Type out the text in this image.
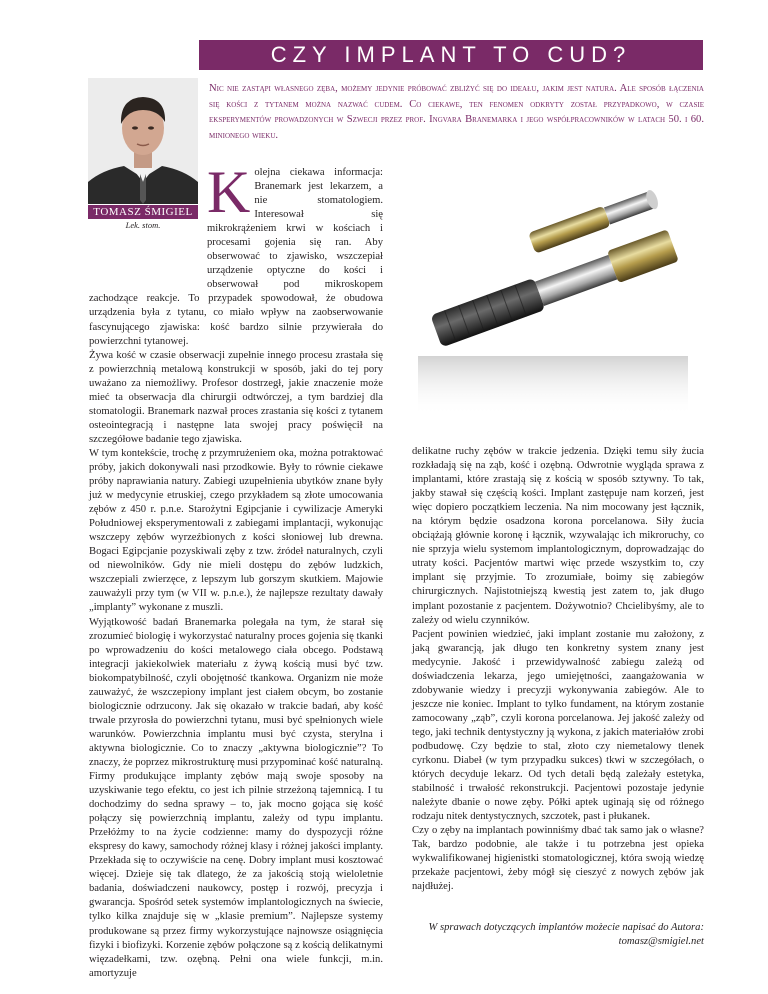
CZY IMPLANT TO CUD?

Nic nie zastąpi własnego zęba, możemy jedynie próbować zbliżyć się do ideału, jakim jest natura. Ale sposób łączenia się kości z tytanem można nazwać cudem. Co ciekawe, ten fenomen odkryty został przypadkowo, w czasie eksperymentów prowadzonych w Szwecji przez prof. Ingvara Branemarka i jego współpracowników w latach 50. i 60. minionego wieku.

TOMASZ ŚMIGIEL

Lek. stom. K olejna ciekawa informacja: Branemark jest lekarzem, a nie stomatologiem. Interesował się mikrokrążeniem krwi w kościach i procesami gojenia się ran. Aby obserwować to zjawisko, wszczepiał urządzenie optyczne do kości i obserwował pod mikroskopem zachodzące reakcje. To przypadek spowodował, że obudowa urządzenia była z tytanu, co miało wpływ na zaobserwowanie fascynującego zjawiska: kość bardzo silnie przywierała do powierzchni tytanowej.

Żywa kość w czasie obserwacji zupełnie innego procesu zrastała się z powierzchnią metalową konstrukcji w sposób, jaki do tej pory uważano za niemożliwy. Profesor dostrzegł, jakie znaczenie może mieć ta obserwacja dla chirurgii odtwórczej, a tym bardziej dla stomatologii. Branemark nazwał proces zrastania się kości z tytanem osteointegracją i następne lata swojej pracy poświęcił na szczegółowe badanie tego zjawiska.

W tym kontekście, trochę z przymrużeniem oka, można potraktować próby, jakich dokonywali nasi przodkowie. Były to równie ciekawe próby naprawiania natury. Zabiegi uzupełnienia ubytków znane były już w medycynie etruskiej, czego przykładem są złote umocowania zębów z 450 r. p.n.e. Starożytni Egipcjanie i cywilizacje Ameryki Południowej eksperymentowali z zabiegami implantacji, wykonując wszczepy zębów wyrzeźbionych z kości słoniowej lub drewna. Bogaci Egipcjanie pozyskiwali zęby z tzw. źródeł naturalnych, czyli od niewolników. Gdy nie mieli dostępu do zębów ludzkich, wszczepiali zwierzęce, z lepszym lub gorszym skutkiem. Majowie zauważyli przy tym (w VII w. p.n.e.), że najlepsze rezultaty dawały „implanty” wykonane z muszli.

Wyjątkowość badań Branemarka polegała na tym, że starał się zrozumieć biologię i wykorzystać naturalny proces gojenia się tkanki po wprowadzeniu do kości metalowego ciała obcego. Podstawą integracji jakiekolwiek materiału z żywą kością musi być tzw. biokompatybilność, czyli obojętność tkankowa. Organizm nie może zauważyć, że wszczepiony implant jest ciałem obcym, bo zostanie biologicznie odrzucony. Jak się okazało w trakcie badań, aby kość trwale przyrosła do powierzchni tytanu, musi być spełnionych wiele warunków. Powierzchnia implantu musi być czysta, sterylna i aktywna biologicznie. Co to znaczy „aktywna biologicznie”? To znaczy, że poprzez mikrostrukturę musi przypominać kość naturalną. Firmy produkujące implanty zębów mają swoje sposoby na uzyskiwanie tego efektu, co jest ich pilnie strzeżoną tajemnicą. I tu dochodzimy do sedna sprawy – to, jak mocno gojąca się kość połączy się powierzchnią implantu, zależy od typu implantu. Przełóżmy to na życie codzienne: mamy do dyspozycji różne ekspresy do kawy, samochody różnej klasy i różnej jakości implanty. Przekłada się to oczywiście na cenę. Dobry implant musi kosztować więcej. Dzieje się tak dlatego, że za jakością stoją wieloletnie badania, doświadczeni naukowcy, postęp i rozwój, precyzja i gwarancja. Spośród setek systemów implantologicznych na świecie, tylko kilka znajduje się w „klasie premium”. Najlepsze systemy produkowane są przez firmy wykorzystujące najnowsze osiągnięcia fizyki i biofizyki. Korzenie zębów połączone są z kością delikatnymi więzadełkami, tzw. ozębną. Pełni ona wiele funkcji, m.in. amortyzuje

delikatne ruchy zębów w trakcie jedzenia. Dzięki temu siły żucia rozkładają się na ząb, kość i ozębną. Odwrotnie wygląda sprawa z implantami, które zrastają się z kością w sposób sztywny. To tak, jakby stawał się częścią kości. Implant zastępuje nam korzeń, jest więc dopiero początkiem leczenia. Na nim mocowany jest łącznik, na którym będzie osadzona korona porcelanowa. Siły żucia obciążają głównie koronę i łącznik, wzywalając ich mikroruchy, co nie sprzyja wielu systemom implantologicznym, doprowadzając do utraty kości. Pacjentów martwi więc przede wszystkim to, czy implant się przyjmie. To zrozumiałe, boimy się zabiegów chirurgicznych. Najistotniejszą kwestią jest zatem to, jak długo implant pozostanie z pacjentem. Dożywotnio? Chcielibyśmy, ale to zależy od wielu czynników.

Pacjent powinien wiedzieć, jaki implant zostanie mu założony, z jaką gwarancją, jak długo ten konkretny system znany jest medycynie. Jakość i przewidywalność zabiegu zależą od doświadczenia lekarza, jego umiejętności, zaangażowania w zdobywanie wiedzy i precyzji wykonywania zabiegów. Ale to jeszcze nie koniec. Implant to tylko fundament, na którym zostanie zamocowany „ząb”, czyli korona porcelanowa. Jej jakość zależy od tego, jaki technik dentystyczny ją wykona, z jakich materiałów zrobi podbudowę. Czy będzie to stal, złoto czy niemetalowy tlenek cyrkonu. Diabeł (w tym przypadku sukces) tkwi w szczegółach, o których decyduje lekarz. Od tych detali będą zależały estetyka, stabilność i trwałość rekonstrukcji. Pacjentowi pozostaje jedynie należyte dbanie o nowe zęby. Półki aptek uginają się od różnego rodzaju nitek dentystycznych, szczotek, past i płukanek.

Czy o zęby na implantach powinniśmy dbać tak samo jak o własne? Tak, bardzo podobnie, ale także i tu potrzebna jest opieka wykwalifikowanej higienistki stomatologicznej, która swoją wiedzę przekaże pacjentowi, żeby mógł się cieszyć z nowych zębów jak najdłużej.

W sprawach dotyczących implantów możecie napisać do Autora: tomasz@smigiel.net
